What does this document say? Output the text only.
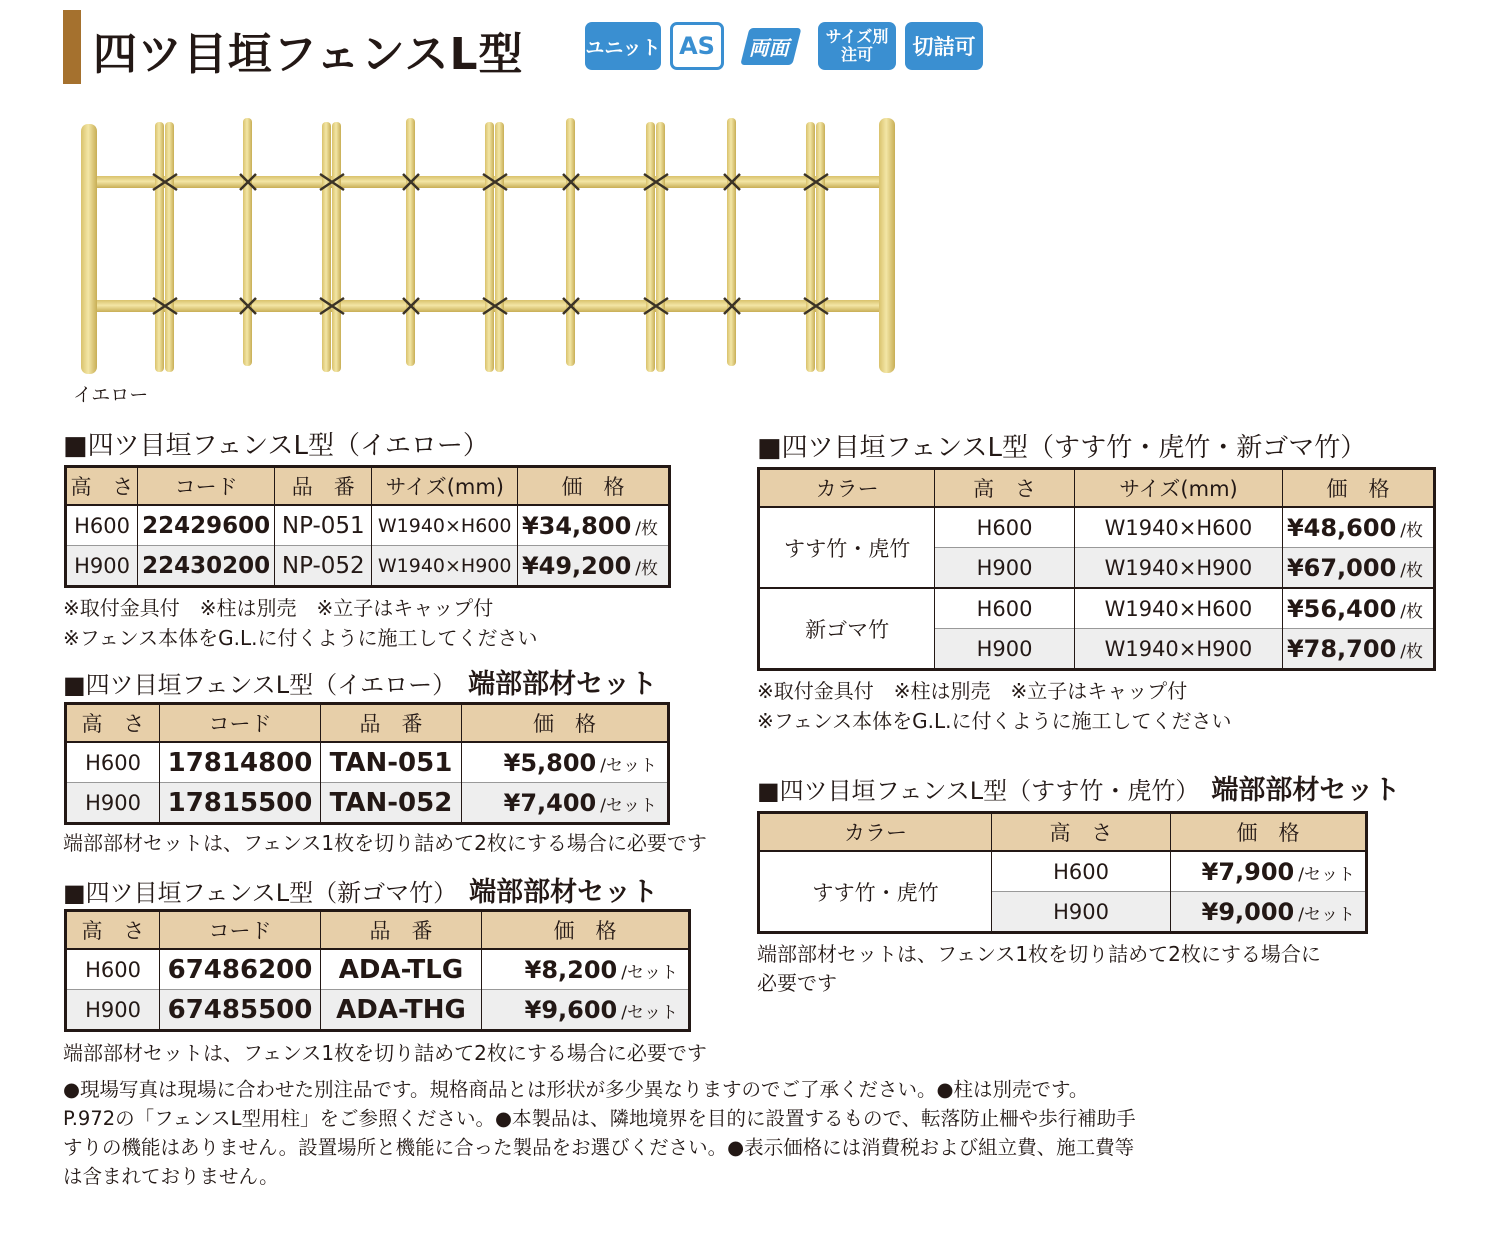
四ツ目垣フェンスL型	ユニット AS	両面	サイズ別注可	切詰可
イエロー
■四ツ目垣フェンスL型（イエロー）
高　さ	コード	品　番	サイズ(mm)	価　格
H600	22429600	NP-051	W1940×H600	¥34,800 /枚
H900	22430200	NP-052	W1940×H900	¥49,200 /枚
※取付金具付　※柱は別売　※立子はキャップ付
※フェンス本体をG.L.に付くように施工してください
■四ツ目垣フェンスL型（イエロー） 端部部材セット
高　さ	コード	品　番	価　格
H600	17814800	TAN-051	¥5,800 /セット
H900	17815500	TAN-052	¥7,400 /セット
端部部材セットは、フェンス1枚を切り詰めて2枚にする場合に必要です
■四ツ目垣フェンスL型（新ゴマ竹） 端部部材セット
高　さ	コード	品　番	価　格
H600	67486200	ADA-TLG	¥8,200 /セット
H900	67485500	ADA-THG	¥9,600 /セット
端部部材セットは、フェンス1枚を切り詰めて2枚にする場合に必要です
■四ツ目垣フェンスL型（すす竹・虎竹・新ゴマ竹）
カラー	高　さ	サイズ(mm)	価　格
すす竹・虎竹	H600	W1940×H600	¥48,600 /枚
	H900	W1940×H900	¥67,000 /枚
新ゴマ竹	H600	W1940×H600	¥56,400 /枚
	H900	W1940×H900	¥78,700 /枚
※取付金具付　※柱は別売　※立子はキャップ付
※フェンス本体をG.L.に付くように施工してください
■四ツ目垣フェンスL型（すす竹・虎竹） 端部部材セット
カラー	高　さ	価　格
すす竹・虎竹	H600	¥7,900 /セット
	H900	¥9,000 /セット
端部部材セットは、フェンス1枚を切り詰めて2枚にする場合に
必要です
●現場写真は現場に合わせた別注品です。規格商品とは形状が多少異なりますのでご了承ください。●柱は別売です。
P.972の「フェンスL型用柱」をご参照ください。●本製品は、隣地境界を目的に設置するもので、転落防止柵や歩行補助手
すりの機能はありません。設置場所と機能に合った製品をお選びください。●表示価格には消費税および組立費、施工費等
は含まれておりません。
